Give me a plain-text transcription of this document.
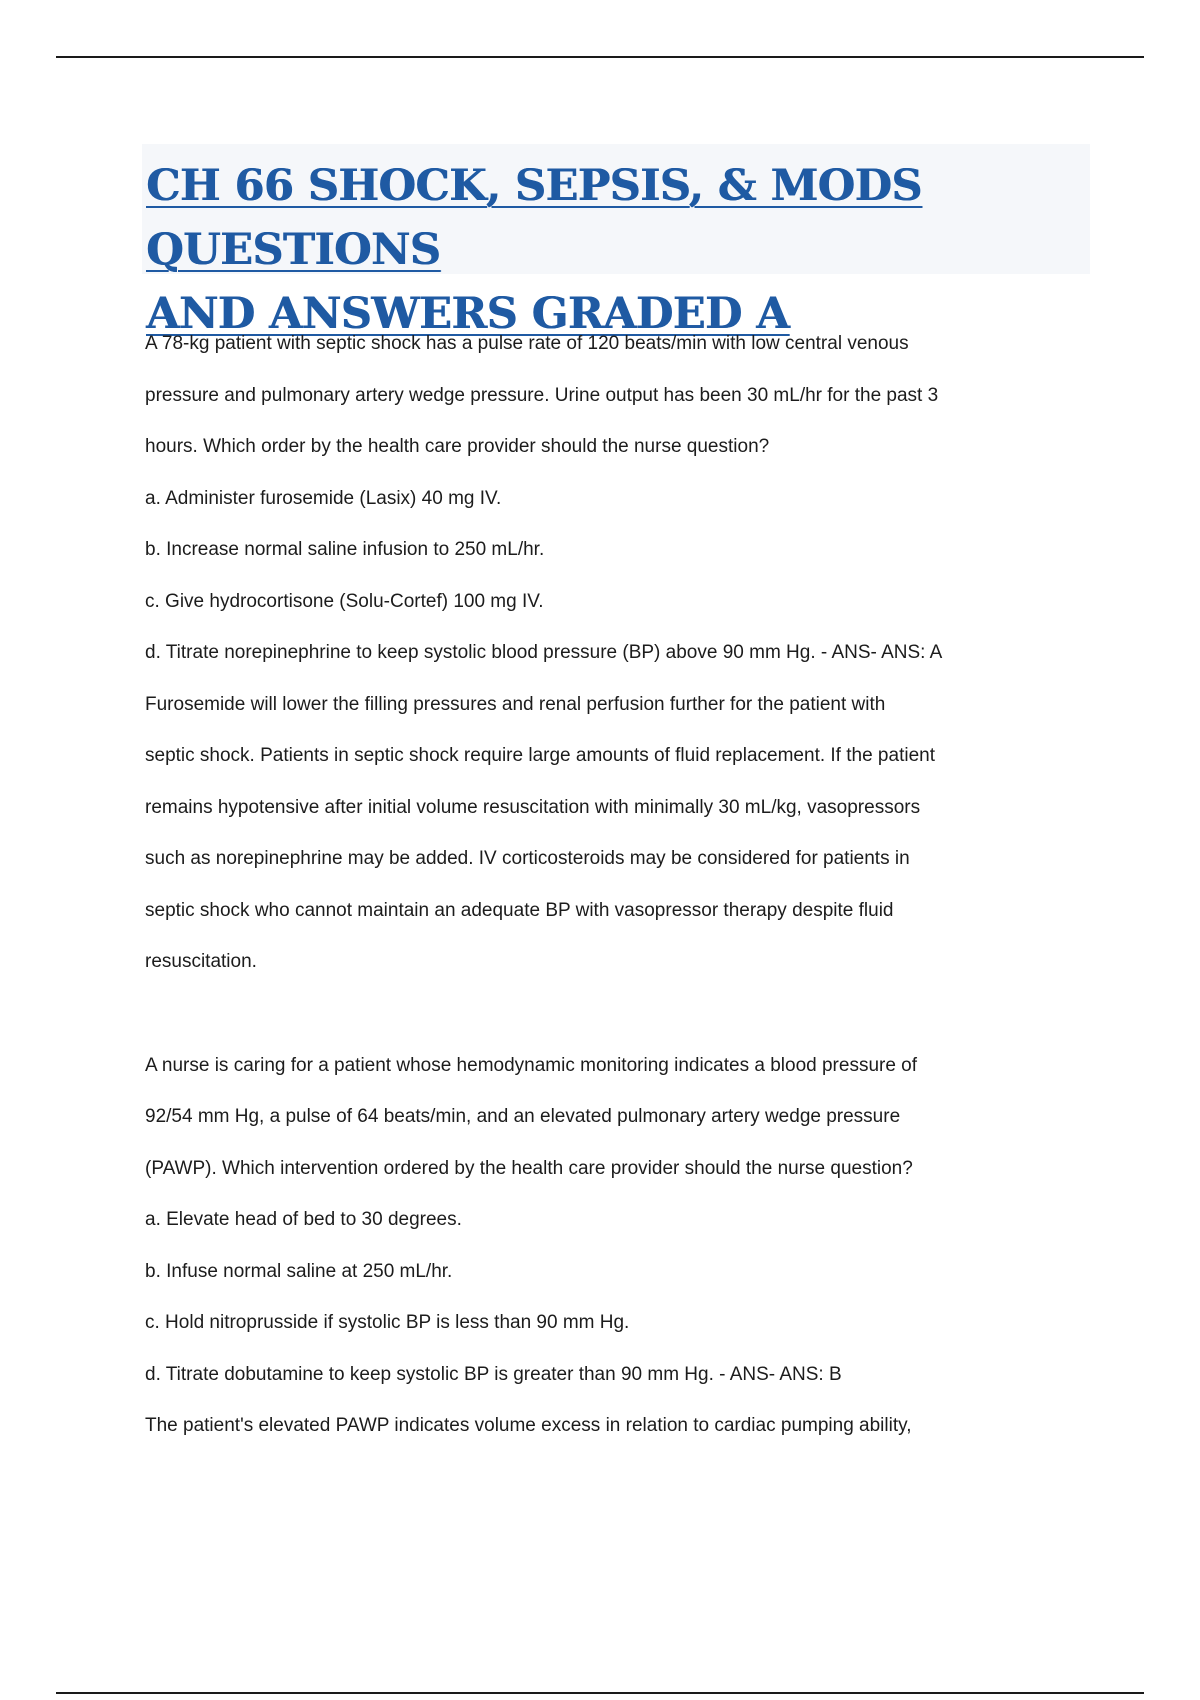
CH 66 SHOCK, SEPSIS, & MODS QUESTIONS
AND ANSWERS GRADED A

A 78-kg patient with septic shock has a pulse rate of 120 beats/min with low central venous

pressure and pulmonary artery wedge pressure. Urine output has been 30 mL/hr for the past 3

hours. Which order by the health care provider should the nurse question?

a. Administer furosemide (Lasix) 40 mg IV.

b. Increase normal saline infusion to 250 mL/hr.

c. Give hydrocortisone (Solu-Cortef) 100 mg IV.

d. Titrate norepinephrine to keep systolic blood pressure (BP) above 90 mm Hg. - ANS- ANS: A

Furosemide will lower the filling pressures and renal perfusion further for the patient with

septic shock. Patients in septic shock require large amounts of fluid replacement. If the patient

remains hypotensive after initial volume resuscitation with minimally 30 mL/kg, vasopressors

such as norepinephrine may be added. IV corticosteroids may be considered for patients in

septic shock who cannot maintain an adequate BP with vasopressor therapy despite fluid

resuscitation.

A nurse is caring for a patient whose hemodynamic monitoring indicates a blood pressure of

92/54 mm Hg, a pulse of 64 beats/min, and an elevated pulmonary artery wedge pressure

(PAWP). Which intervention ordered by the health care provider should the nurse question?

a. Elevate head of bed to 30 degrees.

b. Infuse normal saline at 250 mL/hr.

c. Hold nitroprusside if systolic BP is less than 90 mm Hg.

d. Titrate dobutamine to keep systolic BP is greater than 90 mm Hg. - ANS- ANS: B

The patient's elevated PAWP indicates volume excess in relation to cardiac pumping ability,
